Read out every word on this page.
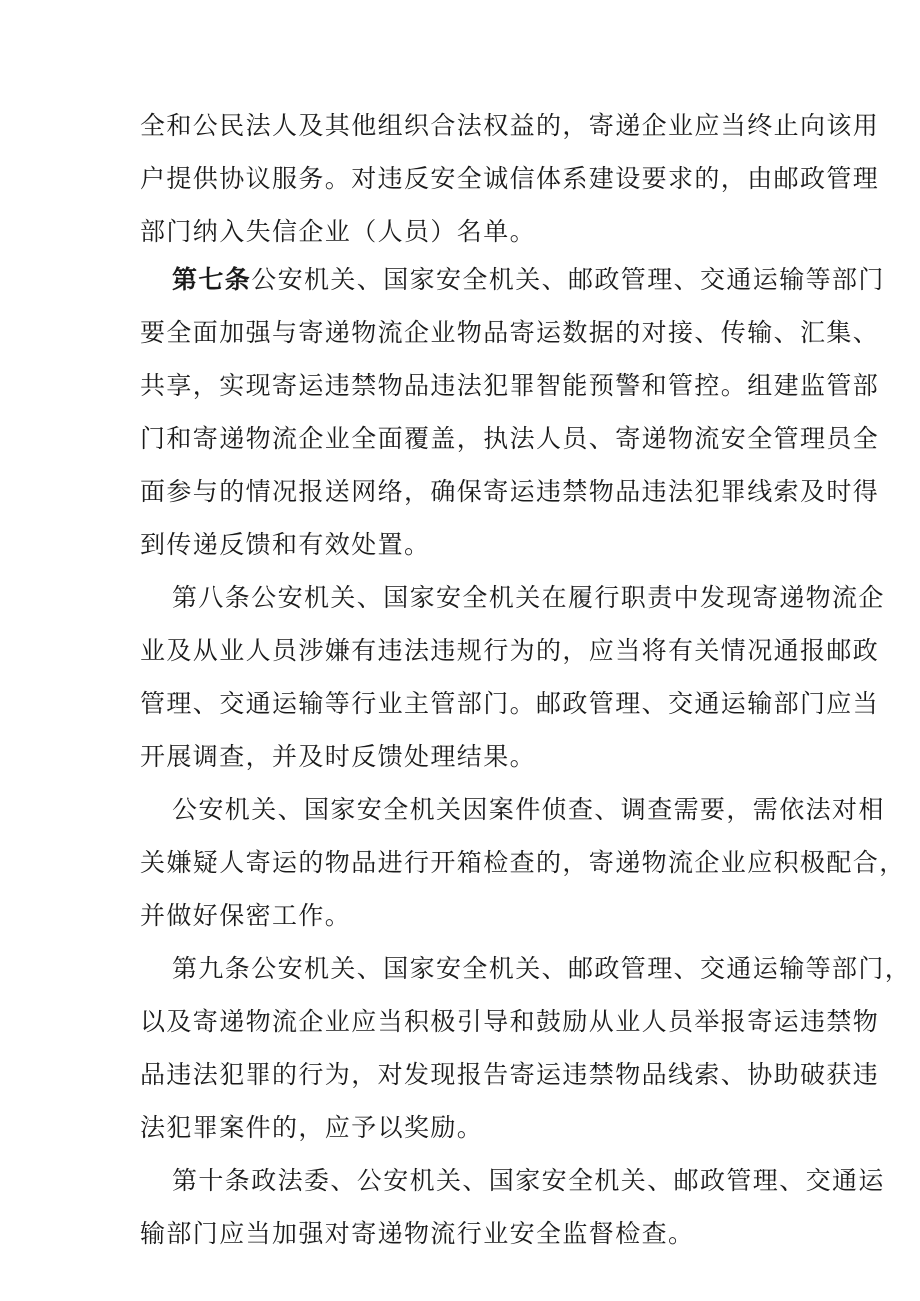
全和公民法人及其他组织合法权益的，寄递企业应当终止向该用
户提供协议服务。对违反安全诚信体系建设要求的，由邮政管理
部门纳入失信企业（人员）名单。
第七条公安机关、国家安全机关、邮政管理、交通运输等部门
要全面加强与寄递物流企业物品寄运数据的对接、传输、汇集、
共享，实现寄运违禁物品违法犯罪智能预警和管控。组建监管部
门和寄递物流企业全面覆盖，执法人员、寄递物流安全管理员全
面参与的情况报送网络，确保寄运违禁物品违法犯罪线索及时得
到传递反馈和有效处置。
第八条公安机关、国家安全机关在履行职责中发现寄递物流企
业及从业人员涉嫌有违法违规行为的，应当将有关情况通报邮政
管理、交通运输等行业主管部门。邮政管理、交通运输部门应当
开展调查，并及时反馈处理结果。
公安机关、国家安全机关因案件侦查、调查需要，需依法对相
关嫌疑人寄运的物品进行开箱检查的，寄递物流企业应积极配合，
并做好保密工作。
第九条公安机关、国家安全机关、邮政管理、交通运输等部门，
以及寄递物流企业应当积极引导和鼓励从业人员举报寄运违禁物
品违法犯罪的行为，对发现报告寄运违禁物品线索、协助破获违
法犯罪案件的，应予以奖励。
第十条政法委、公安机关、国家安全机关、邮政管理、交通运
输部门应当加强对寄递物流行业安全监督检查。
